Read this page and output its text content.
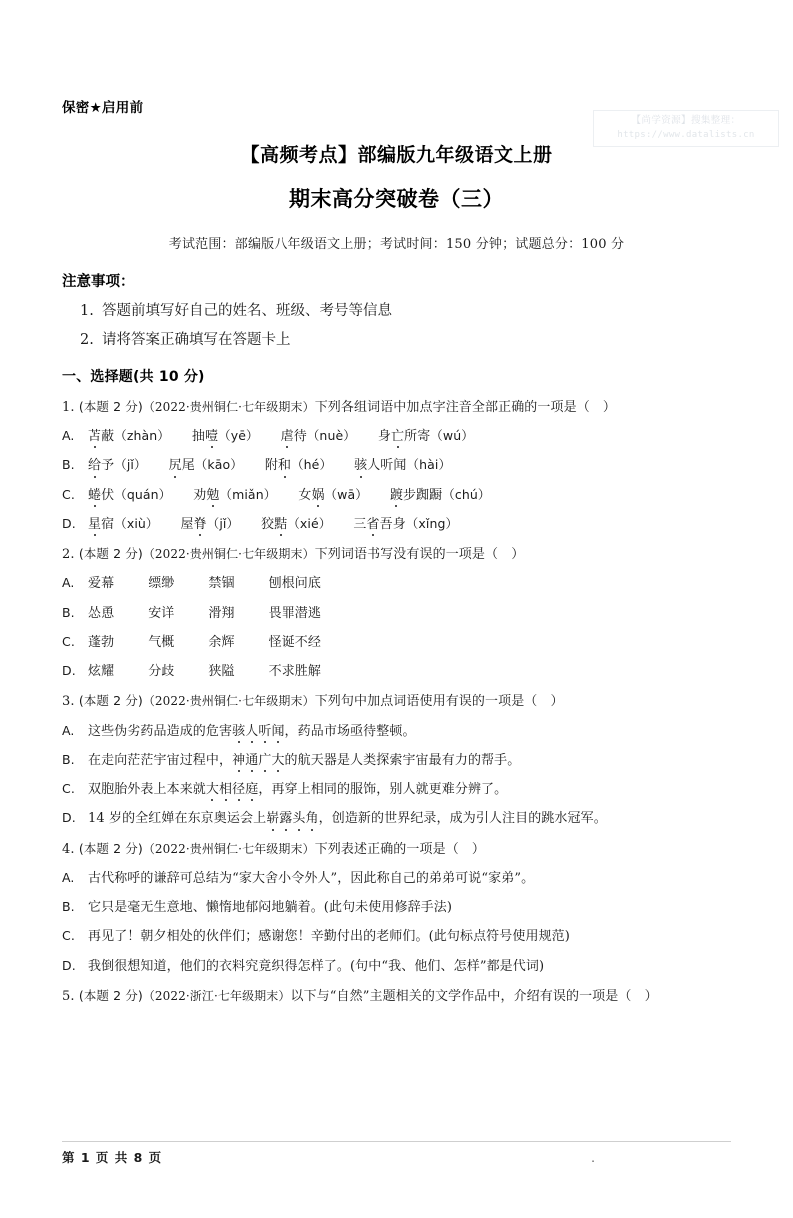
【尚学资源】搜集整理：
https://www.datalists.cn
保密★启用前
【高频考点】部编版九年级语文上册
期末高分突破卷（三）
考试范围：部编版八年级语文上册；考试时间：150 分钟；试题总分：100 分
注意事项：
1. 答题前填写好自己的姓名、班级、考号等信息
2. 请将答案正确填写在答题卡上
一、选择题(共 10 分)
1. (本题 2 分)（2022·贵州铜仁·七年级期末）下列各组词语中加点字注音全部正确的一项是（　）
A. 苫蔽（zhàn） 抽噎（yē） 虐待（nuè） 身亡所寄（wú）
B. 给予（jǐ） 尻尾（kāo） 附和（hé） 骇人听闻（hài）
C. 蜷伏（quán） 劝勉（miǎn） 女娲（wā） 踱步踟蹰（chú）
D. 星宿（xiù） 屋脊（jǐ） 狡黠（xié） 三省吾身（xǐng）
2. (本题 2 分)（2022·贵州铜仁·七年级期末）下列词语书写没有误的一项是（　）
A. 爱幕	缥缈	禁锢	刨根问底
B. 怂恿	安详	滑翔	畏罪潜逃
C. 蓬勃	气概	余辉	怪诞不经
D. 炫耀	分歧	狭隘	不求胜解
3. (本题 2 分)（2022·贵州铜仁·七年级期末）下列句中加点词语使用有误的一项是（　）
A. 这些伪劣药品造成的危害骇人听闻，药品市场亟待整顿。
B. 在走向茫茫宇宙过程中，神通广大的航天器是人类探索宇宙最有力的帮手。
C. 双胞胎外表上本来就大相径庭，再穿上相同的服饰，别人就更难分辨了。
D. 14 岁的全红婵在东京奥运会上崭露头角，创造新的世界纪录，成为引人注目的跳水冠军。
4. (本题 2 分)（2022·贵州铜仁·七年级期末）下列表述正确的一项是（　）
A. 古代称呼的谦辞可总结为“家大舍小令外人”，因此称自己的弟弟可说“家弟”。
B. 它只是毫无生意地、懒惰地郁闷地躺着。(此句未使用修辞手法)
C. 再见了！朝夕相处的伙伴们；感谢您！辛勤付出的老师们。(此句标点符号使用规范)
D. 我倒很想知道，他们的衣料究竟织得怎样了。(句中“我、他们、怎样”都是代词)
5. (本题 2 分)（2022·浙江·七年级期末）以下与“自然”主题相关的文学作品中，介绍有误的一项是（　）
第 1 页 共 8 页	.
